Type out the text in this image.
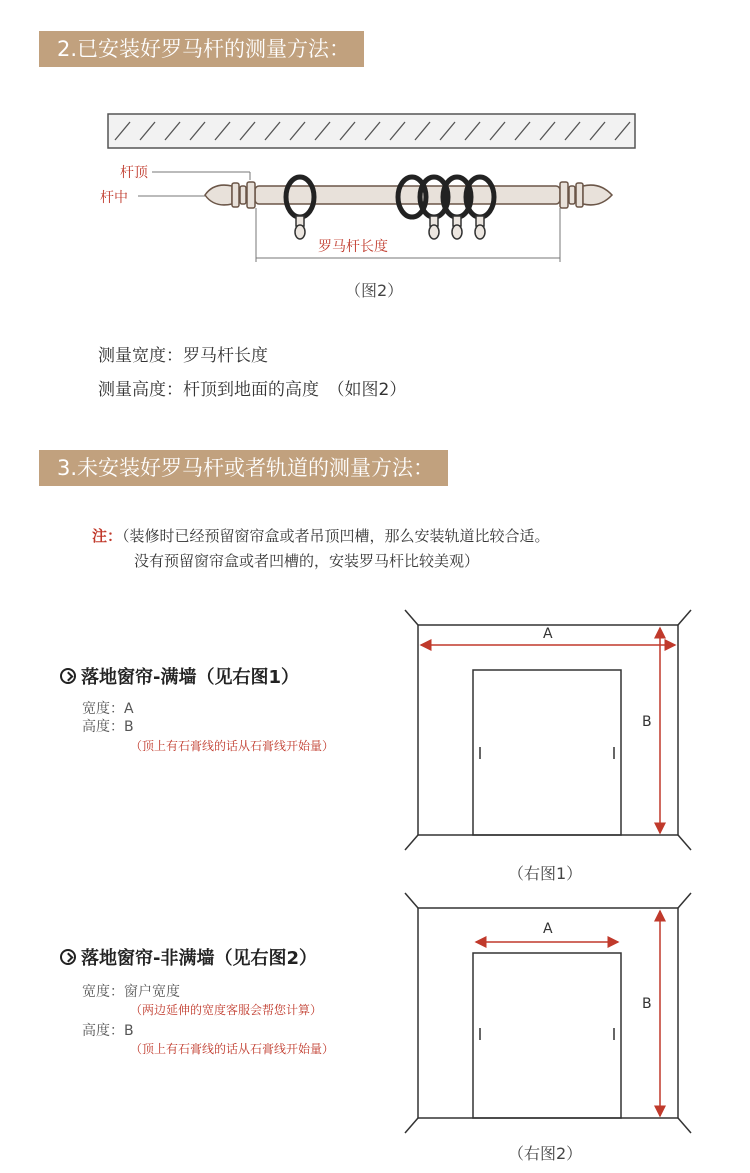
2.已安装好罗马杆的测量方法：
杆顶
杆中
罗马杆长度
（图2）
测量宽度：罗马杆长度
测量高度：杆顶到地面的高度　（如图2）
3.未安装好罗马杆或者轨道的测量方法：
注：（装修时已经预留窗帘盒或者吊顶凹槽，那么安装轨道比较合适。
没有预留窗帘盒或者凹槽的，安装罗马杆比较美观）
落地窗帘-满墙（见右图1）
宽度：A
高度：B
（顶上有石膏线的话从石膏线开始量）
A
B
（右图1）
落地窗帘-非满墙（见右图2）
宽度：窗户宽度
（两边延伸的宽度客服会帮您计算）
高度：B
（顶上有石膏线的话从石膏线开始量）
A
B
（右图2）
